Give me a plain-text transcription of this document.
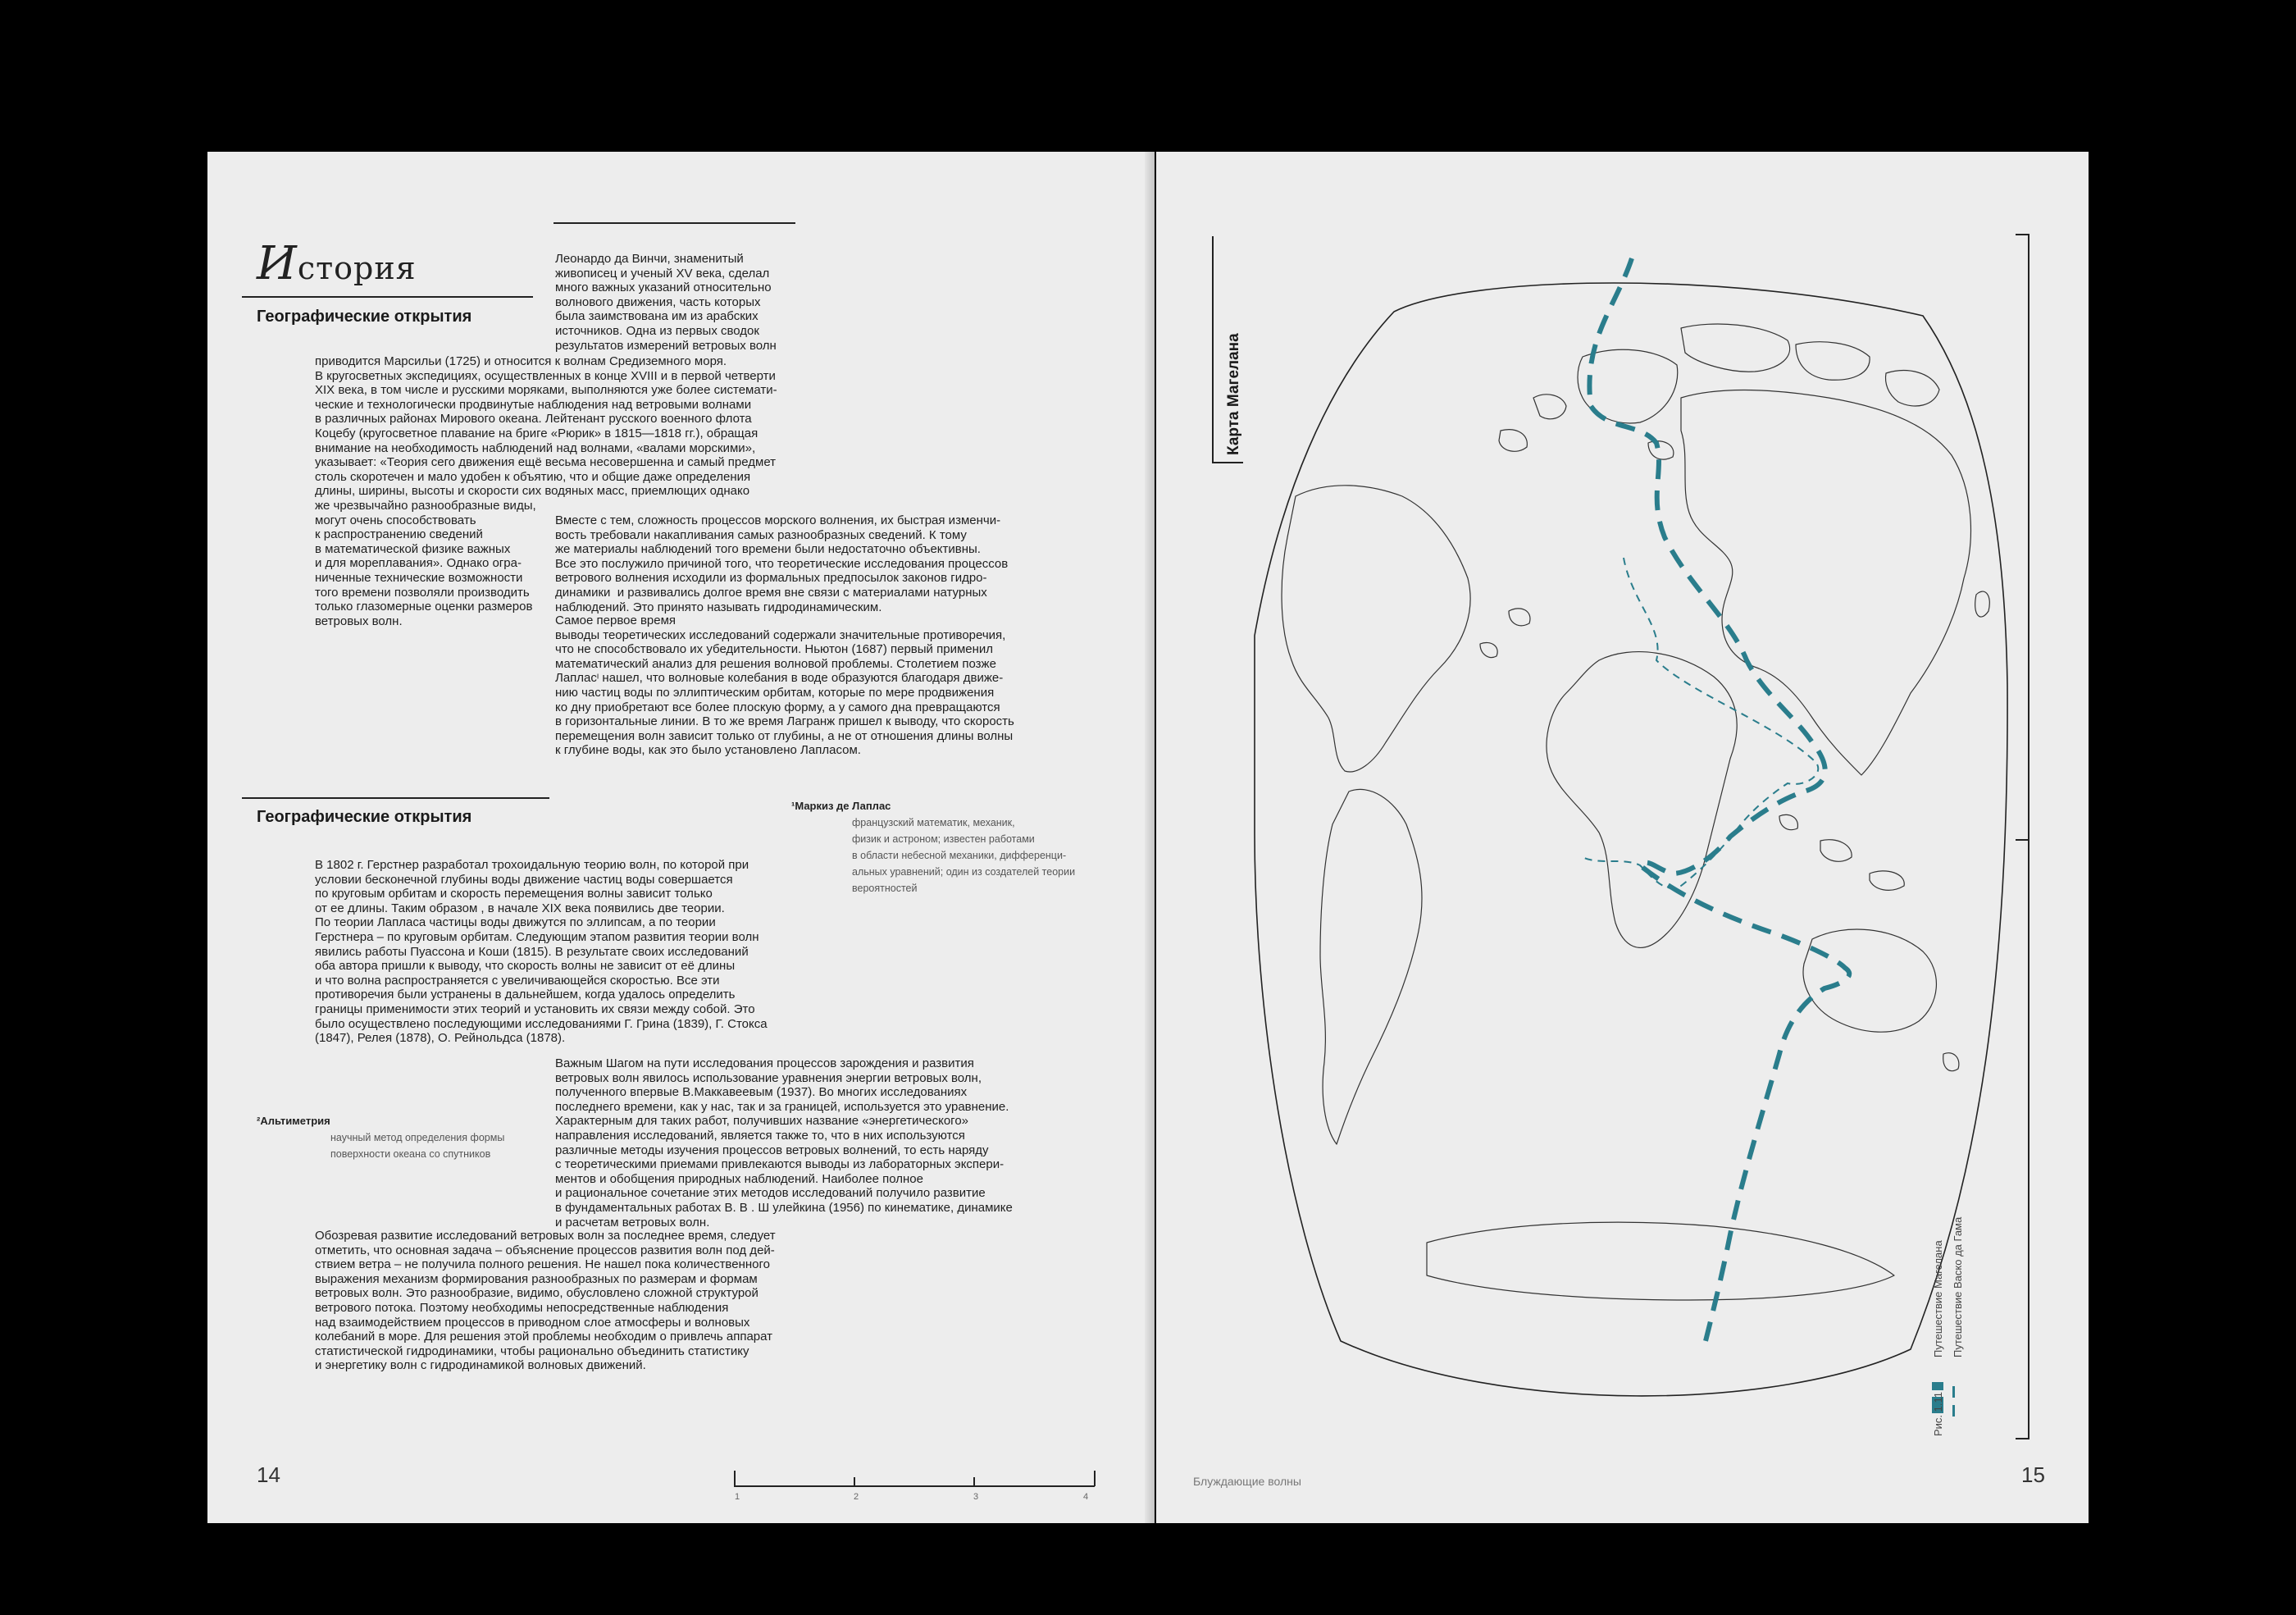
История
Географические открытия
Леонардо да Винчи, знаменитый
живописец и ученый XV века, сделал
много важных указаний относительно
волнового движения, часть которых
была заимствована им из арабских
источников. Одна из первых сводок
результатов измерений ветровых волн
приводится Марсильи (1725) и относится к волнам Средиземного моря.
В кругосветных экспедициях, осуществленных в конце XVIII и в первой четверти
XIX века, в том числе и русскими моряками, выполняются уже более системати-
ческие и технологически продвинутые наблюдения над ветровыми волнами
в различных районах Мирового океана. Лейтенант русского военного флота
Коцебу (кругосветное плавание на бриге «Рюрик» в 1815—1818 гг.), обращая
внимание на необходимость наблюдений над волнами, «валами морскими»,
указывает: «Теория сего движения ещё весьма несовершенна и самый предмет
столь скоротечен и мало удобен к объятию, что и общие даже определения
длины, ширины, высоты и скорости сих водяных масс, приемлющих однако
же чрезвычайно разнообразные виды,
могут очень способствовать
к распространению сведений
в математической физике важных
и для мореплавания». Однако огра-
ниченные технические возможности
того времени позволяли производить
только глазомерные оценки размеров
ветровых волн.
Вместе с тем, сложность процессов морского волнения, их быстрая изменчи-
вость требовали накапливания самых разнообразных сведений. К тому
же материалы наблюдений того времени были недостаточно объективны.
Все это послужило причиной того, что теоретические исследования процессов
ветрового волнения исходили из формальных предпосылок законов гидро-
динамики  и развивались долгое время вне связи с материалами натурных
наблюдений. Это принято называть гидродинамическим.
Самое первое время
выводы теоретических исследований содержали значительные противоречия,
что не способствовало их убедительности. Ньютон (1687) первый применил
математический анализ для решения волновой проблемы. Столетием позже
Лапласᶦ нашел, что волновые колебания в воде образуются благодаря движе-
нию частиц воды по эллиптическим орбитам, которые по мере продвижения
ко дну приобретают все более плоскую форму, а у самого дна превращаются
в горизонтальные линии. В то же время Лагранж пришел к выводу, что скорость
перемещения волн зависит только от глубины, а не от отношения длины волны
к глубине воды, как это было установлено Лапласом.
Географические открытия
¹Маркиз де Лаплас
французский математик, механик,
физик и астроном; известен работами
в области небесной механики, дифференци-
альных уравнений; один из создателей теории
вероятностей
В 1802 г. Герстнер разработал трохоидальную теорию волн, по которой при
условии бесконечной глубины воды движение частиц воды совершается
по круговым орбитам и скорость перемещения волны зависит только
от ее длины. Таким образом , в начале XIX века появились две теории.
По теории Лапласа частицы воды движутся по эллипсам, а по теории
Герстнера – по круговым орбитам. Следующим этапом развития теории волн
явились работы Пуассона и Коши (1815). В результате своих исследований
оба автора пришли к выводу, что скорость волны не зависит от её длины
и что волна распространяется с увеличивающейся скоростью. Все эти
противоречия были устранены в дальнейшем, когда удалось определить
границы применимости этих теорий и установить их связи между собой. Это
было осуществлено последующими исследованиями Г. Грина (1839), Г. Стокса
(1847), Релея (1878), О. Рейнольдса (1878).
Важным Шагом на пути исследования процессов зарождения и развития
ветровых волн явилось использование уравнения энергии ветровых волн,
полученного впервые В.Маккавеевым (1937). Во многих исследованиях
последнего времени, как у нас, так и за границей, используется это уравнение.
Характерным для таких работ, получивших название «энергетического»
направления исследований, является также то, что в них используются
различные методы изучения процессов ветровых волнений, то есть наряду
с теоретическими приемами привлекаются выводы из лабораторных экспери-
ментов и обобщения природных наблюдений. Наиболее полное
и рациональное сочетание этих методов исследований получило развитие
в фундаментальных работах В. В . Ш улейкина (1956) по кинематике, динамике
и расчетам ветровых волн.
²Альтиметрия
научный метод определения формы
поверхности океана со спутников
Обозревая развитие исследований ветровых волн за последнее время, следует
отметить, что основная задача – объяснение процессов развития волн под дей-
ствием ветра – не получила полного решения. Не нашел пока количественного
выражения механизм формирования разнообразных по размерам и формам
ветровых волн. Это разнообразие, видимо, обусловлено сложной структурой
ветрового потока. Поэтому необходимы непосредственные наблюдения
над взаимодействием процессов в приводном слое атмосферы и волновых
колебаний в море. Для решения этой проблемы необходим о привлечь аппарат
статистической гидродинамики, чтобы рационально объединить статистику
и энергетику волн с гидродинамикой волновых движений.
14
1	2	3	4
Карта Магелана
Путешествие Магелана Путешествие Васко да Гама
Рис. 1.11
Блуждающие волны	15
